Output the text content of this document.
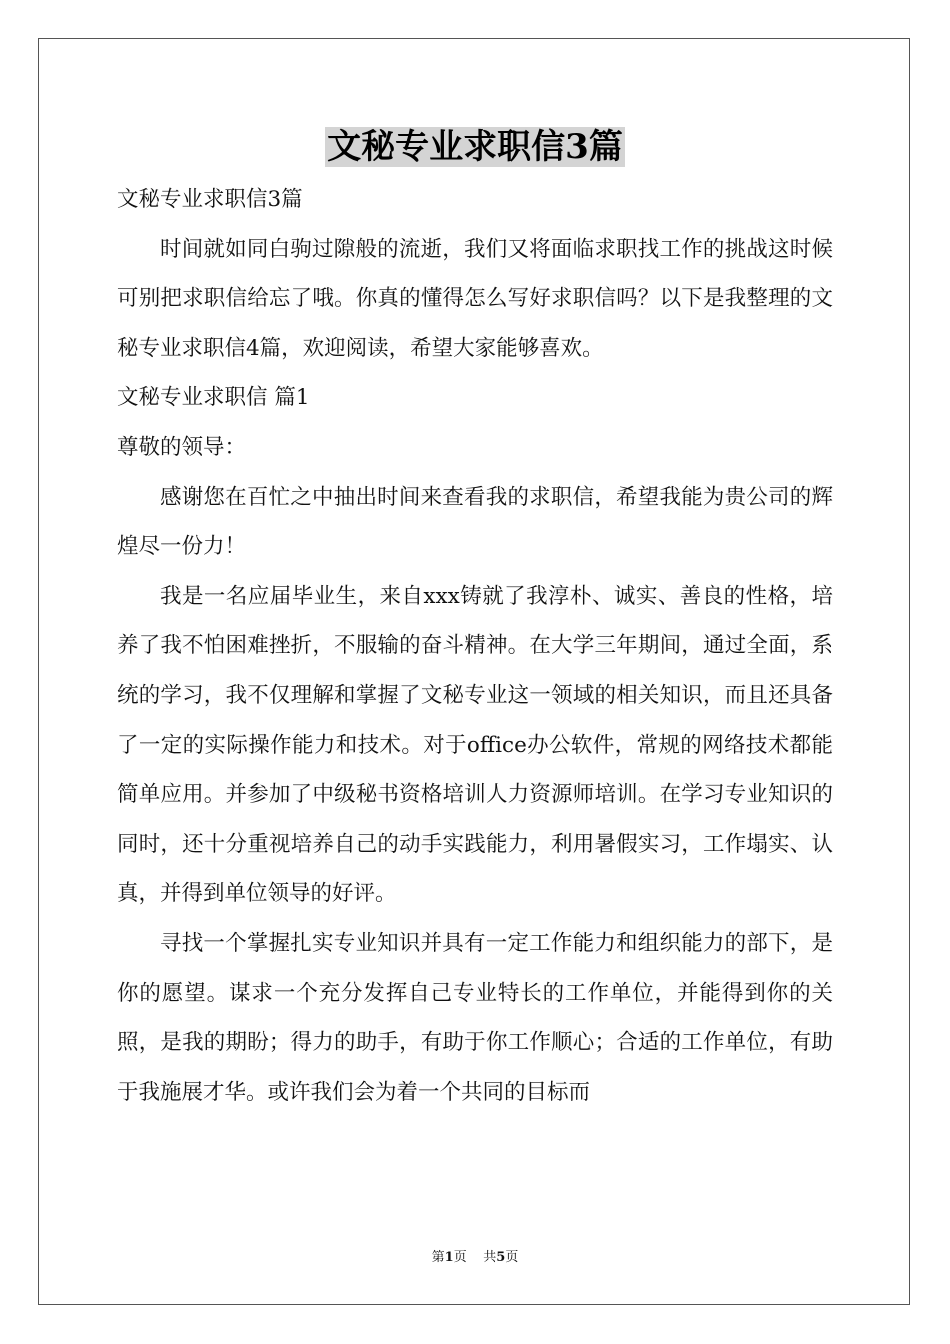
文秘专业求职信3篇

文秘专业求职信3篇

时间就如同白驹过隙般的流逝，我们又将面临求职找工作的挑战这时候可别把求职信给忘了哦。你真的懂得怎么写好求职信吗？以下是我整理的文秘专业求职信4篇，欢迎阅读，希望大家能够喜欢。

文秘专业求职信 篇1

尊敬的领导：

感谢您在百忙之中抽出时间来查看我的求职信，希望我能为贵公司的辉煌尽一份力！

我是一名应届毕业生，来自xxx铸就了我淳朴、诚实、善良的性格，培养了我不怕困难挫折，不服输的奋斗精神。在大学三年期间，通过全面，系统的学习，我不仅理解和掌握了文秘专业这一领域的相关知识，而且还具备了一定的实际操作能力和技术。对于office办公软件，常规的网络技术都能简单应用。并参加了中级秘书资格培训人力资源师培训。在学习专业知识的同时，还十分重视培养自己的动手实践能力，利用暑假实习，工作塌实、认真，并得到单位领导的好评。

寻找一个掌握扎实专业知识并具有一定工作能力和组织能力的部下，是你的愿望。谋求一个充分发挥自己专业特长的工作单位，并能得到你的关照，是我的期盼；得力的助手，有助于你工作顺心；合适的工作单位，有助于我施展才华。或许我们会为着一个共同的目标而

第1页 共5页
